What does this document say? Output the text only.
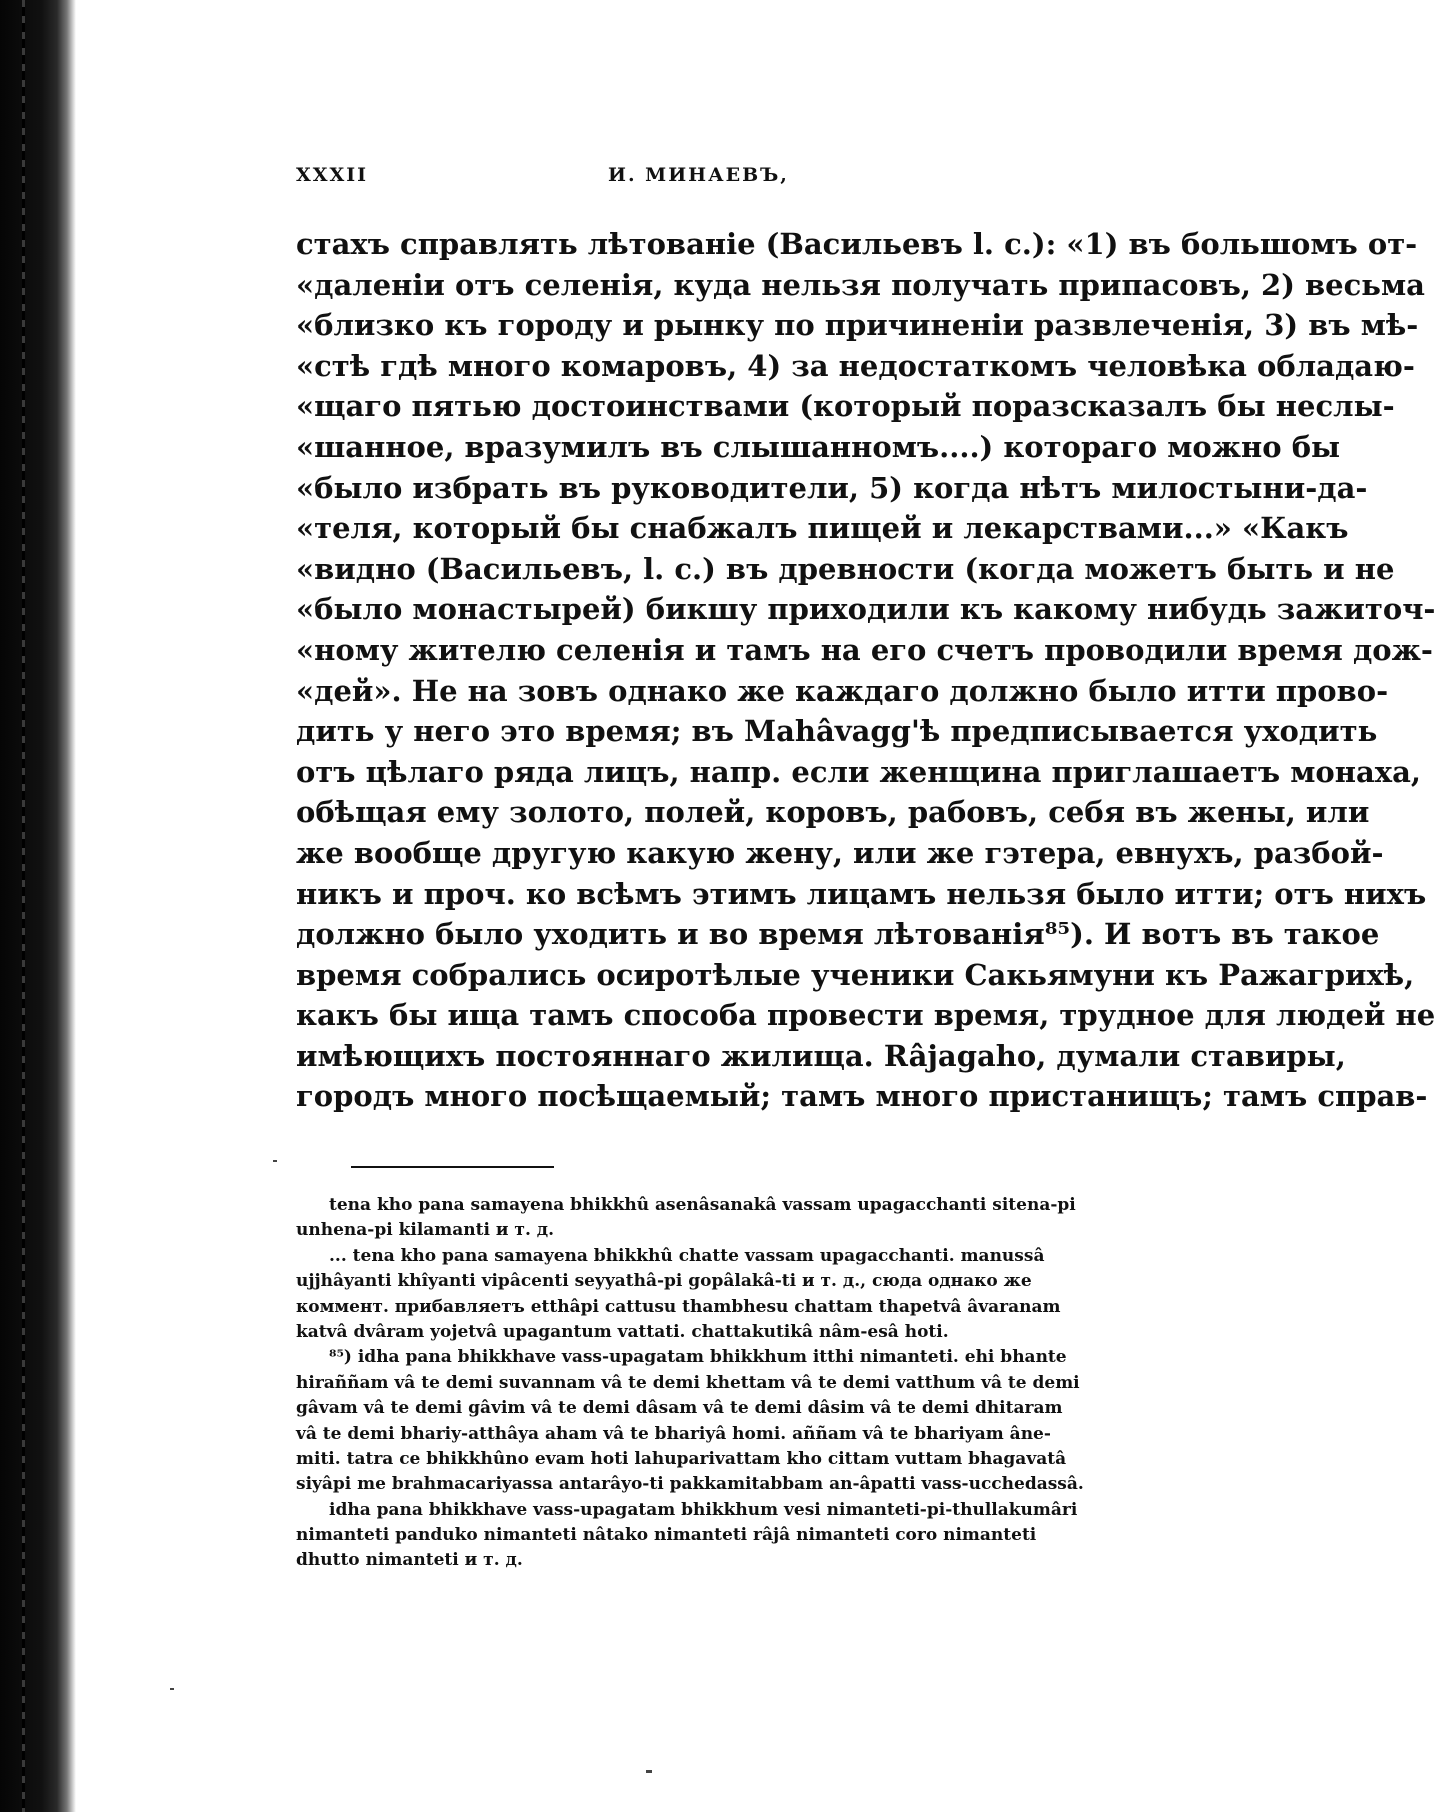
XXXII	И. МИНАЕВЪ,
стахъ справлять лѣтованіе (Васильевъ l. с.): «1) въ большомъ от-
«даленіи отъ селенія, куда нельзя получать припасовъ, 2) весьма
«близко къ городу и рынку по причиненіи развлеченія, 3) въ мѣ-
«стѣ гдѣ много комаровъ, 4) за недостаткомъ человѣка обладаю-
«щаго пятью достоинствами (который поразсказалъ бы неслы-
«шанное, вразумилъ въ слышанномъ....) котораго можно бы
«было избрать въ руководители, 5) когда нѣтъ милостыни-да-
«теля, который бы снабжалъ пищей и лекарствами...» «Какъ
«видно (Васильевъ, l. с.) въ древности (когда можетъ быть и не
«было монастырей) бикшу приходили къ какому нибудь зажиточ-
«ному жителю селенія и тамъ на его счетъ проводили время дож-
«дей». Не на зовъ однако же каждаго должно было итти прово-
дить у него это время; въ Mahâvagg'ѣ предписывается уходить
отъ цѣлаго ряда лицъ, напр. если женщина приглашаетъ монаха,
обѣщая ему золото, полей, коровъ, рабовъ, себя въ жены, или
же вообще другую какую жену, или же гэтера, евнухъ, разбой-
никъ и проч. ко всѣмъ этимъ лицамъ нельзя было итти; отъ нихъ
должно было уходить и во время лѣтованія⁸⁵). И вотъ въ такое
время собрались осиротѣлые ученики Сакьямуни къ Ражагрихѣ,
какъ бы ища тамъ способа провести время, трудное для людей не
имѣющихъ постояннаго жилища. Râjagaho, думали ставиры,
городъ много посѣщаемый; тамъ много пристанищъ; тамъ справ-
tena kho pana samayena bhikkhû asenâsanakâ vassam upagacchanti sitena-pi
unhena-pi kilamanti и т. д.
... tena kho pana samayena bhikkhû chatte vassam upagacchanti. manussâ
ujjhâyanti khîyanti vipâcenti seyyathâ-pi gopâlakâ-ti и т. д., сюда однако же
коммент. прибавляетъ etthâpi cattusu thambhesu chattam thapetvâ âvaranam
katvâ dvâram yojetvâ upagantum vattati. chattakutikâ nâm-esâ hoti.
⁸⁵) idha pana bhikkhave vass-upagatam bhikkhum itthi nimanteti. ehi bhante
hiraññam vâ te demi suvannam vâ te demi khettam vâ te demi vatthum vâ te demi
gâvam vâ te demi gâvim vâ te demi dâsam vâ te demi dâsim vâ te demi dhitaram
vâ te demi bhariy-atthâya aham vâ te bhariyâ homi. aññam vâ te bhariyam âne-
miti. tatra ce bhikkhûno evam hoti lahuparivattam kho cittam vuttam bhagavatâ
siyâpi me brahmacariyassa antarâyo-ti pakkamitabbam an-âpatti vass-ucchedassâ.
idha pana bhikkhave vass-upagatam bhikkhum vesi nimanteti-pi-thullakumâri
nimanteti panduko nimanteti nâtako nimanteti râjâ nimanteti coro nimanteti
dhutto nimanteti и т. д.
